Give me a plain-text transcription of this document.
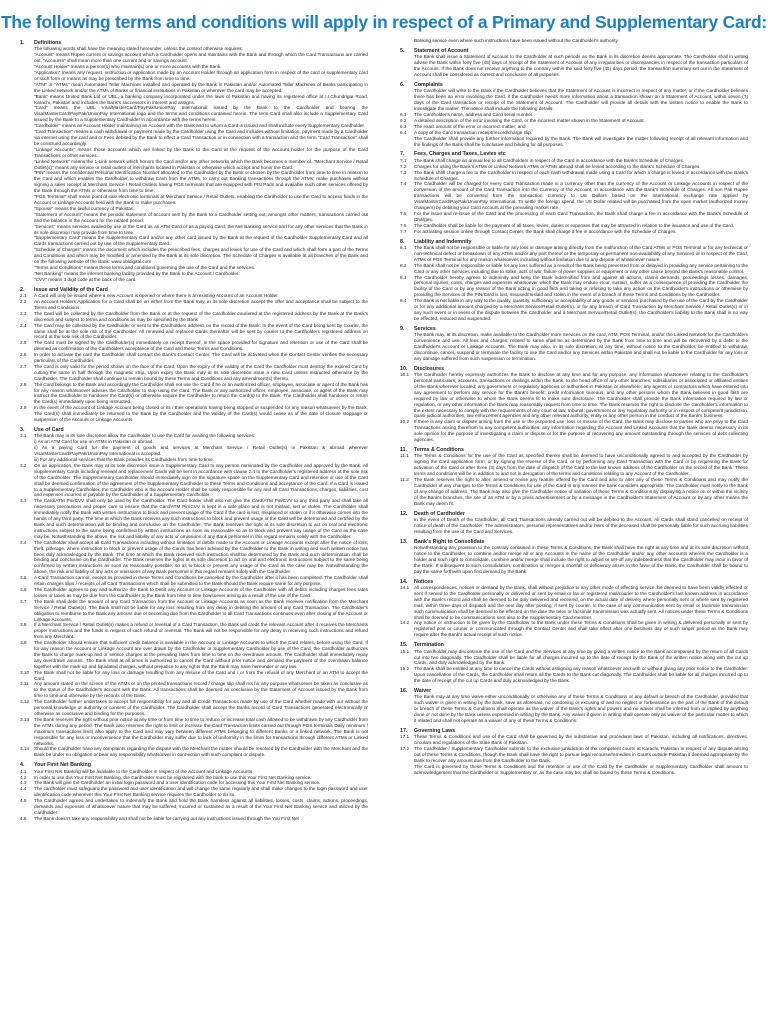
The following terms and conditions will apply in respect of a Primary and Supplementary Card:
1.	Definitions
The following words shall have the meaning stated hereunder, unless the context otherwise requires:
"Account" means Rupee current or savings account which a Cardholder opens and maintains with the Bank and through which the Card Transactions are carried out. "Accounts" shall mean more than one current and or savings account.
"Account Holder" means a person(s) who maintain(s) one or more accounts with the Bank.
"Application" means any request, instruction or application made by an Account Holder through an application form in respect of the card or supplementary card or such form or means as may be prescribed by the Bank from time to time.
"ATM" or "ATMs" mean Automated Teller Machines installed and operated by the Bank in Pakistan and/or Automated Teller Machines of Banks participating in the Linked network and/or the ATMs of Banks or financial institutions in Pakistan or wherever the card may be accepted.
"Bank" means United Bank Ltd or UBL, a banking company incorporated under the laws of Pakistan and having its registered office at I.I.Chundrigar Road, Karachi, Pakistan and includes the Bank's successors in interest and assigns.
"Card" means the UBL Visa/MasterCard/PayPak/UnionPay International issued by the Bank to the Cardholder and bearing the Visa/MasterCard/PayPak/UnionPay International logo and the terms and conditions contained herein. The term Card shall also include a Supplementary Card issued by the Bank to a Supplementary Cardholder in accordance with the terms herein.
"Cardholder" means an Account Holder maintaining an Account with the Bank and to whom a Card is issued and shall include every Supplementary Cardholder.
"Card Transaction" means a cash withdrawal or payment made by the Cardholder using the Card and includes without limitation, payment made by a Cardholder via internet using the card and or Fees debited by the Bank to effect a Card Transaction or in connection with a transaction and the term "Card Transaction" shall be construed accordingly.
"Linkage Accounts" means those accounts which are linked by the Bank to the Card at the request of the Account holder for the purpose of the Card Transactions or other services.
"Linked Network" means the 1-Link network which honors the Card and/or any other networks which the Bank becomes a member of. "Merchant Service / Retail Outlet(s)" means any service or retail outlets of merchants located in Pakistan or otherwise which accept and honor the Card.
"PIN" means the confidential Personal Identification Number allocated to the Cardholder by the Bank or chosen by the Cardholder from time to time in relation to the Card and which enables the Cardholder to withdraw Cash from the ATMs, to carry out Banking transactions through the ATMs; make purchases without signing a sales receipt at Merchant Service / Retail Outlets having POS terminals that are equipped with PIN Pads and available such other services offered by the Bank through the ATMs or otherwise from time to time.
"POS Terminal" shall mean point of sale electronic terminals at Merchant Service / Retail Outlets, enabling the Cardholder to use the Card to access funds in the Account or Linkage Accounts held with the Bank to make purchases.
"Spouse" means the lawful currency of Pakistan.
"Statement of Account" means the periodic statement of account sent by the Bank to a Cardholder setting out, amongst other matters, transactions carried out and the balance in the Account for the related period.
"Services" means services availed by use of the Card as an ATM Card or as a paying Card; the Net Banking service and for any other services that the Bank in its sole discretion may provide from time to time.
"Supplementary Card" means the Supplementary Card and/or any other card issued by the Bank at the request of the Cardholder Supplementary Card and all Cards transactions carried out by use of the Supplementary Card.
"Schedule of Charges" means the document which includes the prescribed fees, charges and levies for use of the Card and which shall form a part of the Terms and Conditions and which may be modified or amended by the Bank at its sole discretion. The Schedule of Charges is available at all branches of the Bank and on the following website of the Bank: www.ubldigital.com
"Terms and Conditions" means these terms and conditions governing the use of the Card and the services.
"Net Banking" means the internet banking facility provided by the Bank to the Account / Cardholder.
"CVV" means 3 digit code at the back of the card.
2.	Issue and Validity of the Card
2.1	A Card will only be issued where a new Account is opened or where there is an existing Account of an Account Holder.
2.2	An Account Holders Application for a Card shall be on either from the Bank may, in its sole discretion accept the offer and acceptance shall be subject to the Terms and Conditions.
2.3	The Card will be collected by the Cardholder from the Bank or at the request of the Cardholder couriered at the registered address by the Bank at the Bank's discretion and subject to terms and conditions as may be specified by the Bank.
2.4	The Card may be collected by the Cardholder or sent to the Cardholders address on the record of the Bank. In the event of the Card being sent by Courier, the same shall be at the sole risk of the Cardholder. All renewed and replaced Cards thereafter will be sent by courier to the Cardholders registered address on record at the sole risk of the Cardholder.
2.5	The Card must be signed by the Cardholder(s) immediately on receipt thereof, in the space provided for signature and retention or use of the Card shall be deemed as confirmation of the Cardholders acceptance of the Card and these Terms and Conditions.
2.6	In order to activate the card the Cardholder shall contact the Bank's Contact Center. The Card will be activated when the Contact Center verifies the necessary particulars of the Cardholder.
2.7	The Card is only valid for the period shown on the face of the Card. Upon the expiry of the validity of the Card the Cardholder must destroy the expired Card by cutting the same in half through the magnetic strip. Upon expiry the Bank may at its sole discretion issue a new Card unless instructed otherwise by the Cardholder. The Cardholder shall continue to remain bound by these Terms and Conditions and any amendment(s) thereto.
2.8	The Card belongs to the Bank and accordingly the Cardholder shall not use the Card if he or an authorized officer, employee, associate or agent of the Bank has for any reason whatsoever advises the Cardholder to stop using the Card. The Bank or any authorized officer, employee, associate, or agent of the Bank may instruct the Cardholder to handover the Card(s) or otherwise require the Cardholder to return the Card(s) to the Bank. The Cardholder shall handover or return the Card(s) immediately upon being instructed.
2.9	In the event of the Account of Linkage Account being closed or its / their operations having being stopped or suspended for any reason whatsoever by the Bank. The Card(s) shall immediately be returned to the Bank by the Cardholder and the validity of the Card(s) would cease as of the date of closure stoppage or suspension of the Account or Linkage Accounts.
3.	Use of Card
3.1	The Bank may in its sole discretion allow the Cardholder to use the Card for availing the following services:
i) As an ATM Card for use on ATMs in Pakistan or abroad.
ii) As a paying Card for the payment of goods and services at Merchant Service / Retail Outlet(s) in Pakistan & abroad wherever Visa/MasterCard/PayPak/UnionPay International is accepted.
iii) For any additional services that the Bank provides its Cardholders from time to time.
3.2	On an application, the Bank may at its sole discretion issue a Supplementary Card to any person nominated by the Cardholder and approved by the Bank. All Supplementary Cards including renewal and replacement Cards will be sent in accordance with clause 2.4 to the Cardholder's registered address at the sole risk of the Cardholder. The Supplementary Cardholder should immediately sign on the signature space on the Supplementary Card and retention or use of the Card shall be deemed confirmation of the agreement of the Supplementary Cardholder to these Terms and Conditions and acceptance of the Card. If a Card is issued to a Supplementary Cardholder, the Cardholder who is the Account Holder shall be solely responsible for any and all Card Transactions, charges, liabilities, cost and expenses incurred or payable by the Cardholder of a Supplementary Cardholder.
3.3	The Card/ATM Pin/CVV shall only be used by the Cardholder. The Card holder shall also not give the Card/ATM Pin/CVV to any third party and shall take all necessary precautions and proper care to ensure that the Card/ATM Pin/CVV is kept in a safe place and is not mislaid, lost or stolen. The Cardholder shall immediately notify the Bank with written instructions to block and prevent usage of the Card if the card is lost, misplaced or stolen or if it otherwise comes into the hands of any third party. The time at which the Bank receives any such instructions to block and prevent usage of the Card will be determined and certified by the Bank and such determination will be binding and conclusive on the Cardholder. The Bank reserves the right at its sole discretion to act on oral and electronic instructions subject to the same being confirmed by written instructions as soon as reasonable so as to block and prevent any usage of the Card as the case may be. Notwithstanding the above, the risk and liability of any acts or omissions of any Bank personnel in this regard remains solely with the Cardholder.
3.4	The Cardholder shall accept all Card Transactions including without limitation of debits made to the Account or Linkage Accounts except after the notice of loss, theft, pilferage, where instruction to block or prevent usage of the Cards has been advised by the Cardholder to the Bank in writing and such written notice has been duly acknowledged by the Bank. The time at which the Bank received such instruction shall be determined by the Bank and such determination shall be binding and conclusive on the Cardholder. The Bank reserves the rights at its sole discretion to act on oral and electronic instructions subject to the same being confirmed by written instructions as soon as reasonably possible, so as to block or prevent any usage of the Card as the case may be. Notwithstanding the above, the risk and liability of any acts or omissions of any Bank personnel in this regard remains solely with the Cardholder.
3.5	A Card Transaction cannot, except as provided in these Terms and Conditions be cancelled by the Cardholder after it has been completed. The Cardholder shall retain charges slips / receipts of all Card Transactions which shall be submitted to the Bank should the Bank require same for any purpose.
3.6	The Cardholder agrees to pay and authorize the Bank to Debit any Account or Linkage Accounts of the Cardholder with all debits including charges fees rates losses or taxes as may be due from the Cardholder to the Bank from time to time howsoever arising as a result of the use of the Card.
3.7	The Bank shall debit the amount of any Card Transaction from the Account or Linkage Accounts as soon as the Bank receives notification from the Merchant Service / Retail Outlet(s). The Bank shall not be liable for any loss resulting from any delay in debiting the amount of any Card Transaction. The Cardholder's obligation to reimburse to the Bank any amount due or becoming due from the Cardholder to all Card Transactions continues even after closing of the Account or Linkage Accounts.
3.8	If a Merchant Service / Retail Outlet(s) makes a refund or reversal of a Card Transaction, the Bank will credit the relevant Account after it receives the Merchants proper instructions and the funds in respect of such refund or reversal. The Bank will not be responsible for any delay in receiving such instructions and refund from any Merchant.
3.9	The Cardholder should ensure that sufficient credit balance is available in the Account or Linkage Accounts to which the Card relates, before using the Card. If for any reason the Account or Linkage Account are over drawn by the Cardholder or Supplementary Cardholder by use of the Card, the Cardholder authorizes the Bank to charge mark-up and or service charges at the prevailing rates from time to time on the overdrawn amount. The Cardholder shall immediately repay any overdrawn amount. The Bank shall at all times is authorized to cancel the Card without prior notice and demand the payment of the overdrawn balance together with the mark-up and liquidated charges, without prejudice to any rights that the Bank may have hereunder or any law.
3.10	The Bank shall not be liable for any loss or damage resulting from any misuse of the Card and / or from the refusal of any Merchant or an ATM to accept the Card.
3.11	Any amount stated on the screen of the ATMs or on the printed transactions record / charge slip shall not for any purpose whatsoever be taken as conclusive as to the status of the Cardholder's account with the Bank. All transactions shall be deemed as conclusive by the Statement of Account issued by the Bank from time to time and otherwise by the records of the Bank.
3.12	The Cardholder further undertakes to accept full responsibility for any and all Credit Transactions made by use of the Card whether made with our without the personal knowledge or authority or consent of the Cardholder. The Cardholder shall accept the Banks record of Card Transactions generated electronically or otherwise as conclusive and binding for the purposes.
3.13	The Bank reserves the right without prior notice at any time or from time to time to reduce or increase total cash allowed to be withdrawn by any Cardholder from the ATMs during any period. The Bank also reserves the right to limit or increase the Card Transaction limits carried out through POS terminals Daily minimum / maximum transactions limit) also apply to the Card and may vary between different ATMs belonging to different Banks or a linked network. The Bank is not responsible for any loss or inconvenience that the Cardholder may suffer due to lack of uniformity in the limits for transactions through different ATMs or Linked networks.
3.14	Should the Cardholder have any complaints regarding the dispute with the Merchant the matter should be resolved by the Cardholder with the Merchant and the Bank be under no obligation or bear any responsibility whatsoever in connection with such complaint or dispute.
4.	Your First Net Banking
4.1	Your First Net Banking will be available to the Cardholder in respect of the Account and Linkage Accounts.
4.2	In order to use this Your First Net Banking, the Cardholder must be registered with the bank to use this Your First Net Banking service.
4.3	The Bank will give the Cardholder an initial login password and a user identification code for accessing this Your First Net Banking service.
4.4	The cardholder must safeguard the password and user identification and will change the same regularly and shall make changes to the login password and user identification code whenever this Your First Net Banking service requires the Cardholder to do so.
4.5	The Cardholder agrees and undertakes to indemnify the Bank and hold the Bank harmless against all liabilities, losses, costs, claims, actions, proceedings, demands and expenses of whatsoever nature that may be suffered, incurred or sustained as a result of the Your First Net Banking service and utilized by the Cardholder.
4.6	The Bank doesn't take any responsibility and shall not be liable for carrying out any instructions issued through the You First Net
Banking service even where such instructions have been issued without the Cardholder's authority.
5.	Statement of Account
The Bank shall issue a Statement of Account to the Cardholder at such periods as the Bank in its discretion deems appropriate. The Cardholder shall in writing advise the Bank within forty five (45) days of receipt of the Statement of Account of any irregularities or discrepancies in respect of the transaction particulars of the Account. If the Bank does not receive anything to the contrary within the said forty five (45) days period, the transaction summary set out in the Statement of Account shall be considered as correct and conclusive of all purposes.
6.	Complaints
The Cardholder will write to the Bank if the Cardholder believes that the Statement of Account is incorrect in respect of any matter, or if the Cardholder believes there has been an error involving the Card, if the Cardholder needs more information about a transaction shown on a Statement of Account, within seven (7) days of the Card transaction or receipt of the Statement of Account. The Cardholder will provide all details with the written notice to enable the Bank to investigate the matter. The notice shall include the following details:
6.1	The Cardholder's name, address and Card serial number.
6.2	A detailed description of the error involving the Card, or the incorrect matter shown in the Statement of Account.
6.3	The exact amount of the error or incorrect matter; and
6.4	A copy of the Card transaction receipt/record/charge slip.
The Cardholder shall provide any further information required by the Bank. The Bank will investigate the matter following receipt of all relevant information and the findings of the Bank shall be conclusive and binding for all purposes.
7.	Fees, Charges and Taxes, Levies etc
7.1	The Bank shall charge an annual fee to all Cardholders in respect of the Card in accordance with the Bank's Schedule of Charges.
7.2	Charges for using the Bank's ATMs or Linked Network ATMs or ATMs abroad shall be levied according to the Bank's Schedule of Charges.
7.3	The Bank shall charge a fee to the Cardholder in respect of each cash withdrawal made using a Card for which a charge is levied in accordance with the Bank's Schedule of Charges.
7.4	The Cardholder will be charged for every Card Transaction made in a currency other than the currency of the Account or Linkage Accounts in respect of the conversion of the amount of the Card Transaction into the Currency of the Account, in accordance with the Bank's Schedule of Charges. All non Pak Rupee transactions will be converted from the transaction currency to US Dollars based on the international exchange rate applied by Visa/MasterCard/PayPak/UnionPay International. To settle the foreign spend, the US Dollar related will be purchased from the open market (authorized money changers) by debiting your Card Account at the prevailing market rate.
7.5	For the issue and re-issue of the Card and the processing of each Card Transaction, the Bank shall charge a fee in accordance with the Bank's Schedule of Charges.
7.6	The Cardholder shall be liable for the payment of all taxes, levies, duties or expenses that may be attracted in relation to the issuance and use of the Card.
7.7	For activating session online through Contact Center, the Bank shall charge a fee in accordance with the Schedule of Charges.
8.	Liability and Indemnity
8.1	The Bank shall not be responsible or liable for any loss or damage arising directly from the malfunction of the Card ATMs or POS Terminal or for any technical or non-technical defect or breakdown of any ATMs and/or any part thereof or the temporary or permanent non-availability of any Services or in respect of the Card, ATMs or POS Terminal for any reason whatsoever, including without limitation due to any dispute of whatsoever nature.
8.2	The Bank shall not be responsible or liable for any loss suffered as a result of the Bank being prevented from or delayed in providing any service pertaining to the Card or any other Services including due to strike, acts of war, failure of power supplies or equipment or any other cause beyond the Bank's reasonable control.
8.3	The Cardholder hereby agrees to indemnify and keep the Bank indemnified from and against all actions, claims demands, proceedings losses, damages, personal injuries, costs, charges and expenses whatsoever which the Bank may endure incur, sustain, suffer as a consequence of providing the Cardholder the facility of the Card or by any reason of the Bank acting in good faith and taking or refusing to take any action on the Cardholder's instructions or otherwise by providing the Services of the PIN/Card is lost, misused/mislaid and stolen in the event of a breach of these Terms and Conditions by the Cardholder.
8.4	The Bank is not liable in any way to the quality, quantity, sufficiency or acceptability of any goods or services purchased by the use of the Card by the Cardholder or for any additional amount charged by a Merchant Service/Retail Outlet(s), or for any breach of Card Transaction by Merchant Service / Retail Outlet(s) or in any such event or in event of the dispute between the Cardholder and a Merchant Service/Retail Outlet(s), the Cardholder's liability to the Bank shall in no way be effected, reduced and suspended.
9.	Services
The Bank may, at its discretion, make available to the Cardholder more Services on the card, ATM, POS Terminal, and/or the Linked Network for the Cardholders convenience and use. All fees and charges, related to same shall be as determined by the Bank from time to time and will be recovered by a debit to the Cardholder's Account or Linkage Accounts. The Bank may also, in its sole discretion, at any time, without notice to the Cardholder, be entitled to withdraw, discontinue, cancel, suspend or terminate the facility to use the Card and/or any Services within Pakistan and shall not be liable to the Cardholder for any loss or any damage suffered from such suspension or termination.
10.	Disclosures
10.1	The Cardholder hereby expressly authorizes the Bank to disclose at any time and for any purpose, any information whatsoever relating to the Cardholder's personal particulars, accounts, transactions or dealings within the Bank, to the head office of any other branches, subsidiaries or associated or affiliated entities of the Bank wherever located; any government or regulatory agencies or authorities in Pakistan or elsewhere; any agents or contractors which have entered into any agreement to perform any service for the Bank's benefit; credit information bureaus; and any other persons whom the Bank believes in good faith are required by law or otherwise to whom the Bank deems fit to make sure disclosure. The Cardholder shall provide the Bank information required by law or regulation, or any other information the Bank may reasonably request from time to time. The Bank reserves the right to disclose the Cardholder's information to the extent necessary to comply with the requirements of any court of law, tribunal, government or any regulatory authority or in respect of competent jurisdiction, quasi-judicial authorities, law enforcement agencies and any other relevant authority, entity or any other person in the conduct of the Bank's business.
10.2	If there is any claim or dispute arising from the use or the purported use, loss or misuse of the Card, the Bank may disclose to parties who are privy to the Card Transactions arising therefrom to any competent authorities, any information regarding the Account and Linked Accounts that the Bank deems necessary in its sole opinion for the purpose of investigating a claim or dispute or for the purpose of recovering any amount outstanding through the services of debt collecting agencies.
11.	Terms & Conditions
11.1	The Terms & Conditions for the use of the Card as specified therein shall be deemed to have unconditionally agreed to and accepted by the Cardholder by signing the Card application form, or by signing the reverse of the Card, or by performing any Card Transaction with the Card or by requesting the Bank for activation of the Card or after three (3) days from the date of dispatch of the Card to the last known address of the Cardholder on the record of the Bank. These terms and conditions will be in addition to and not in derogation of the terms and conditions relating to any Account of the Cardholder.
11.2	The Bank reserves the right to alter, amend or revise any feature offered by the Card and also to alter any of these Terms & Conditions and may notify the Cardholder of any changes to the Terms & Conditions for use of the Card in any manner the bank considers appropriate. The Cardholder must notify to the Bank of any change of address. The Bank may also give the Cardholder notice of variation of these Terms & Conditions by displaying a notice on or within the vicinity of the Bank's branches, the site of an ATM or by a press advertisement or by a message in the Cardholder's Statement of Account or by any other means the Bank may deem fit.
12.	Death of Cardholder
In the event of Death of the Cardholder, all Card Transactions already carried out will be debited to the Account. All Cards shall stand cancelled on receipt of notice of death of the Cardholder. The administrators, personal representatives and/or heirs of the deceased shall be personally liable for such accruing liabilities resulting from the use of the Card and Services.
13.	Bank's Right to Consolidate
Notwithstanding any provision to the contrary contained in these Terms & Conditions, the Bank shall have the right at any time and at its sole discretion without notice to the Cardholder, to combine and/or merge all or any Accounts in the name of the Cardholder and/or any other accounts wherein the Cardholder is a holder and such right to consolidate, combine and/or merge shall include the right to adjust or set-off any indebtedness that the Cardholder may incur in favor of the Bank. If subsequent to such consolidation, combination or merger a shortfall or deficiency arises in the favor of the Bank, the Cardholder shall be bound to pay the same forthwith upon first demand by the Bank.
14.	Notices
14.1	All correspondences, notices or demand by the Bank, shall without prejudice to any other mode of effecting service, be deemed to have been validly effected or sent if served to the Cardholder personally or delivered or sent by email or fax or registered mail/courier to the Cardholder's last known address in accordance with the Bank's record and shall be deemed to be duly delivered and received, on the actual date of delivery where personally sent or where sent by registered mail, within three days of dispatch and the next day after posting, if sent by courier. In the case of any communication sent by email or facsimile transmission such communication shall be deemed to be effected on the date the telex or facsimile transmission was actually sent. All notices under these Terms & Conditions shall be deemed to be communications sent also to the Supplementary Card member.
14.2	Any notice or instruction to be given by the Cardholder to the Bank under these Terms & Conditions shall be given in writing & delivered personally or sent by registered post or courier or communicated through the Contact Center and shall take effect after one business day or such longer period as the Bank may require after the Bank's actual receipt of such notice.
15.	Termination
15.1	The Cardholder may discontinue the use of the Card and the Services at any time by giving a written notice to the Bank accompanied by the return of all Cards cut into two diagonally. The Cardholder shall be liable for all charges incurred up to the date of receipt by the Bank of the written notice along with the cut up Cards, and duly acknowledged by the Bank.
15.2	The Bank shall be entitled at any time to cancel the Cards without assigning any reason whatsoever and with or without giving any prior notice to the Cardholder. Upon cancellation of the Cards, the Cardholder shall return all the Cards to the Bank cut diagonally. The Cardholder shall be liable for all charges incurred up to the date of receipt of the cut up Cards and duly acknowledged by the Bank.
16.	Waiver
The Bank may at any time waive either unconditionally or otherwise any of these Terms & Conditions or any default or breach of the Cardholder, provided that such waiver is given in writing by the bank, save as aforesaid, no condoning or excusing of and no neglect or forbearance on the part of the Bank of the default or breach of these Terms & Conditions shall operate as the waiver of the Bank's rights and powers and no waiver shall be inferred from or implied by anything done or not done by the Bank unless expressed in writing by the Bank. Any waiver if given in writing shall operate only as waiver of the particular matter to which it related and shall not operate as a waiver of any of these Terms & Conditions.
17.	Governing Laws
17.1	These Terms & Conditions and use of the Card shall be governed by the substantive and procedural laws of Pakistan, including all notifications, directives, circulars and regulations of the State Bank of Pakistan.
17.2	The Cardholder / Supplementary Cardholder submits to the exclusive jurisdiction of the competent courts at Karachi, Pakistan in respect of any dispute arising out of these Terms & Conditions, though the Bank shall have the right to pursue legal recourse/remedies in Courts outside Pakistan if deemed appropriate by the Bank to recover any amount due from the Cardholder to the Bank.
The Card is governed by these Terms & Conditions and the retention or use of the Card by the Cardholder or Supplementary Cardholder shall amount to acknowledgement that the Cardholder or Supplementary or, as the case may be, shall be bound by these Terms & Conditions.
